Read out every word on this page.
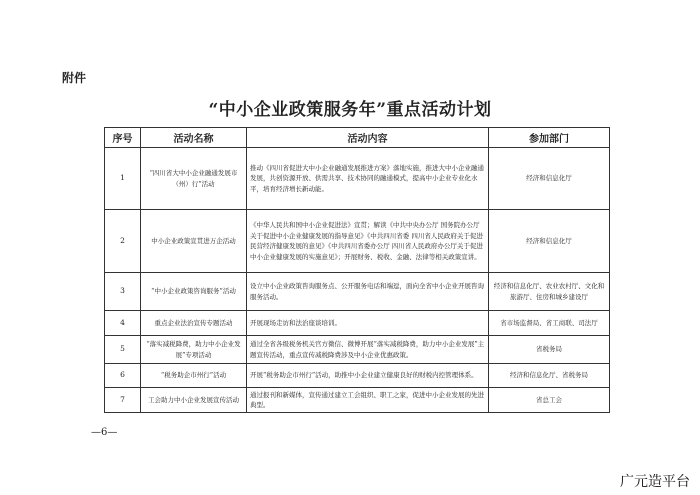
附件
“中小企业政策服务年”重点活动计划
序号	活动名称	活动内容	参加部门
1	“四川省大中小企业融通发展市（州）行”活动	推动《四川省促进大中小企业融通发展推进方案》落地实施，推进大中小企业融通发展，共创资源开放、供需共享、技术协同的融通模式，提高中小企业专业化水平，培育经济增长新动能。	经济和信息化厅
2	中小企业政策宣贯进万企活动	《中华人民共和国中小企业促进法》宣贯；解读《中共中央办公厅 国务院办公厅关于促进中小企业健康发展的指导意见》《中共四川省委 四川省人民政府关于促进民营经济健康发展的意见》《中共四川省委办公厅 四川省人民政府办公厅关于促进中小企业健康发展的实施意见》；开展财务、税收、金融、法律等相关政策宣讲。	经济和信息化厅
3	“中小企业政策咨询服务”活动	设立中小企业政策咨询服务点、公开服务电话和端逗，面向全省中小企业开展咨询服务活动。	经济和信息化厅、农业农村厅、文化和旅游厅、住房和城乡建设厅
4	重点企业法治宣传专题活动	开展现场走访和法治座谈培训。	省市场监督局、省工商联、司法厅
5	“落实减税降费，助力中小企业发展”专项活动	通过全省各级税务机关官方微信、微博开展“落实减税降费，助力中小企业发展”主题宣传活动，重点宣传减税降费涉及中小企业优惠政策。	省税务局
6	“税务助企市州行”活动	开展“税务助企市州行”活动，助推中小企业建立健康良好的财税内控管理体系。	经济和信息化厅、省税务局
7	工会助力中小企业发展宣传活动	通过报刊和新媒体，宣传通过建立工会组织、职工之家，促进中小企业发展的先进典型。	省总工会
—6—
广元造平台
